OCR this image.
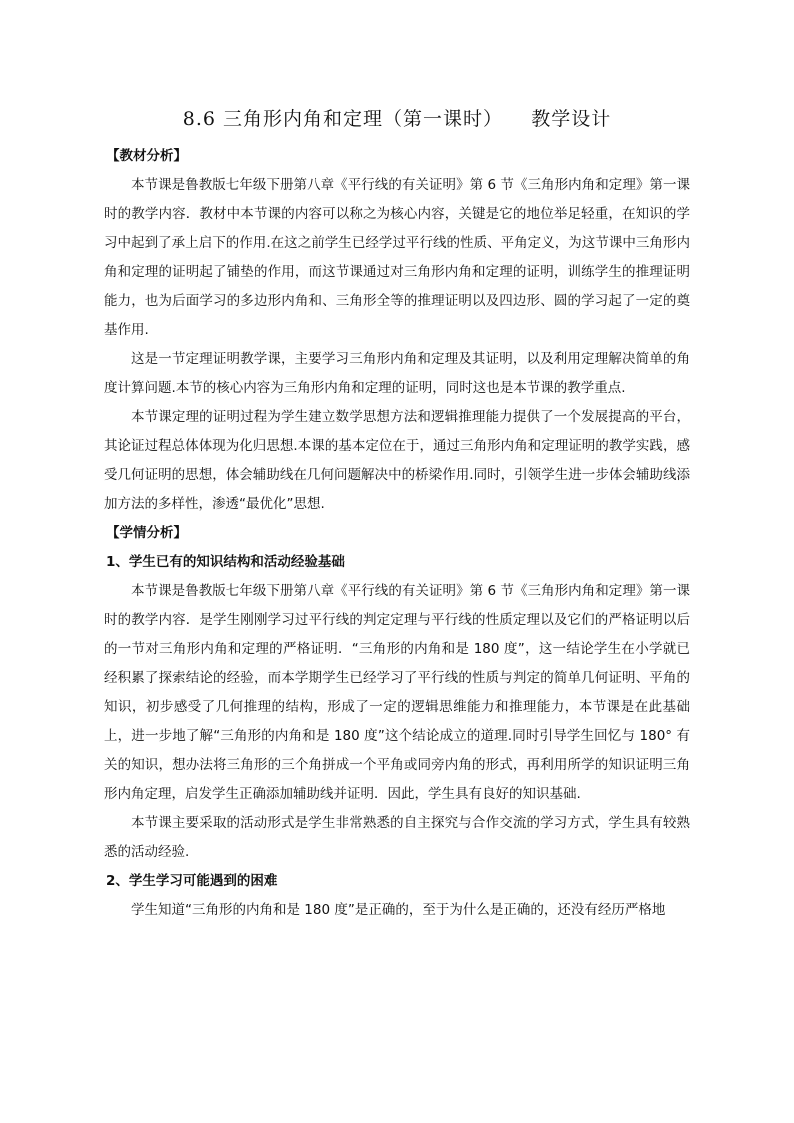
8.6 三角形内角和定理（第一课时）    教学设计

【教材分析】

本节课是鲁教版七年级下册第八章《平行线的有关证明》第 6 节《三角形内角和定理》第一课时的教学内容．教材中本节课的内容可以称之为核心内容，关键是它的地位举足轻重，在知识的学习中起到了承上启下的作用.在这之前学生已经学过平行线的性质、平角定义，为这节课中三角形内角和定理的证明起了铺垫的作用，而这节课通过对三角形内角和定理的证明，训练学生的推理证明能力，也为后面学习的多边形内角和、三角形全等的推理证明以及四边形、圆的学习起了一定的奠基作用.

这是一节定理证明教学课，主要学习三角形内角和定理及其证明，以及利用定理解决简单的角度计算问题.本节的核心内容为三角形内角和定理的证明，同时这也是本节课的教学重点.

本节课定理的证明过程为学生建立数学思想方法和逻辑推理能力提供了一个发展提高的平台，其论证过程总体体现为化归思想.本课的基本定位在于，通过三角形内角和定理证明的教学实践，感受几何证明的思想，体会辅助线在几何问题解决中的桥梁作用.同时，引领学生进一步体会辅助线添加方法的多样性，渗透“最优化”思想.

【学情分析】

1、学生已有的知识结构和活动经验基础

本节课是鲁教版七年级下册第八章《平行线的有关证明》第 6 节《三角形内角和定理》第一课时的教学内容．是学生刚刚学习过平行线的判定定理与平行线的性质定理以及它们的严格证明以后的一节对三角形内角和定理的严格证明．“三角形的内角和是 180 度”，这一结论学生在小学就已经积累了探索结论的经验，而本学期学生已经学习了平行线的性质与判定的简单几何证明、平角的知识，初步感受了几何推理的结构，形成了一定的逻辑思维能力和推理能力，本节课是在此基础上，进一步地了解“三角形的内角和是 180 度”这个结论成立的道理.同时引导学生回忆与 180° 有关的知识，想办法将三角形的三个角拼成一个平角或同旁内角的形式，再利用所学的知识证明三角形内角定理，启发学生正确添加辅助线并证明．因此，学生具有良好的知识基础.

本节课主要采取的活动形式是学生非常熟悉的自主探究与合作交流的学习方式，学生具有较熟悉的活动经验.

2、学生学习可能遇到的困难

学生知道“三角形的内角和是 180 度”是正确的，至于为什么是正确的，还没有经历严格地
